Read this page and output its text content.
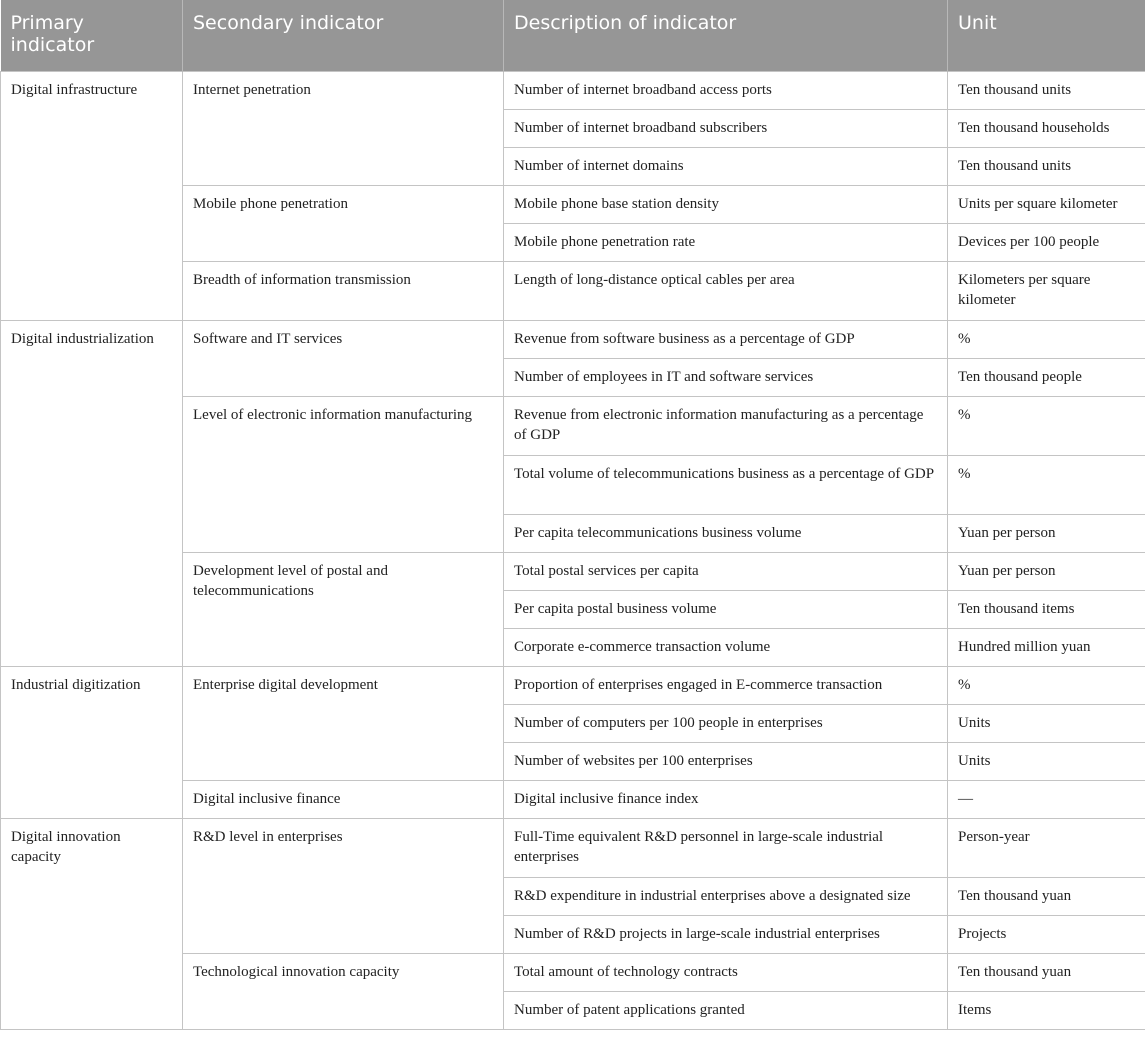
Primary indicator	Secondary indicator	Description of indicator	Unit
Digital infrastructure	Internet penetration	Number of internet broadband access ports	Ten thousand units
		Number of internet broadband subscribers	Ten thousand households
		Number of internet domains	Ten thousand units
	Mobile phone penetration	Mobile phone base station density	Units per square kilometer
		Mobile phone penetration rate	Devices per 100 people
	Breadth of information transmission	Length of long-distance optical cables per area	Kilometers per square kilometer
Digital industrialization	Software and IT services	Revenue from software business as a percentage of GDP	%
		Number of employees in IT and software services	Ten thousand people
	Level of electronic information manufacturing	Revenue from electronic information manufacturing as a percentage of GDP	%
		Total volume of telecommunications business as a percentage of GDP	%
		Per capita telecommunications business volume	Yuan per person
	Development level of postal and telecommunications	Total postal services per capita	Yuan per person
		Per capita postal business volume	Ten thousand items
		Corporate e-commerce transaction volume	Hundred million yuan
Industrial digitization	Enterprise digital development	Proportion of enterprises engaged in E-commerce transaction	%
		Number of computers per 100 people in enterprises	Units
		Number of websites per 100 enterprises	Units
	Digital inclusive finance	Digital inclusive finance index	—
Digital innovation capacity	R&D level in enterprises	Full-Time equivalent R&D personnel in large-scale industrial enterprises	Person-year
		R&D expenditure in industrial enterprises above a designated size	Ten thousand yuan
		Number of R&D projects in large-scale industrial enterprises	Projects
	Technological innovation capacity	Total amount of technology contracts	Ten thousand yuan
		Number of patent applications granted	Items
